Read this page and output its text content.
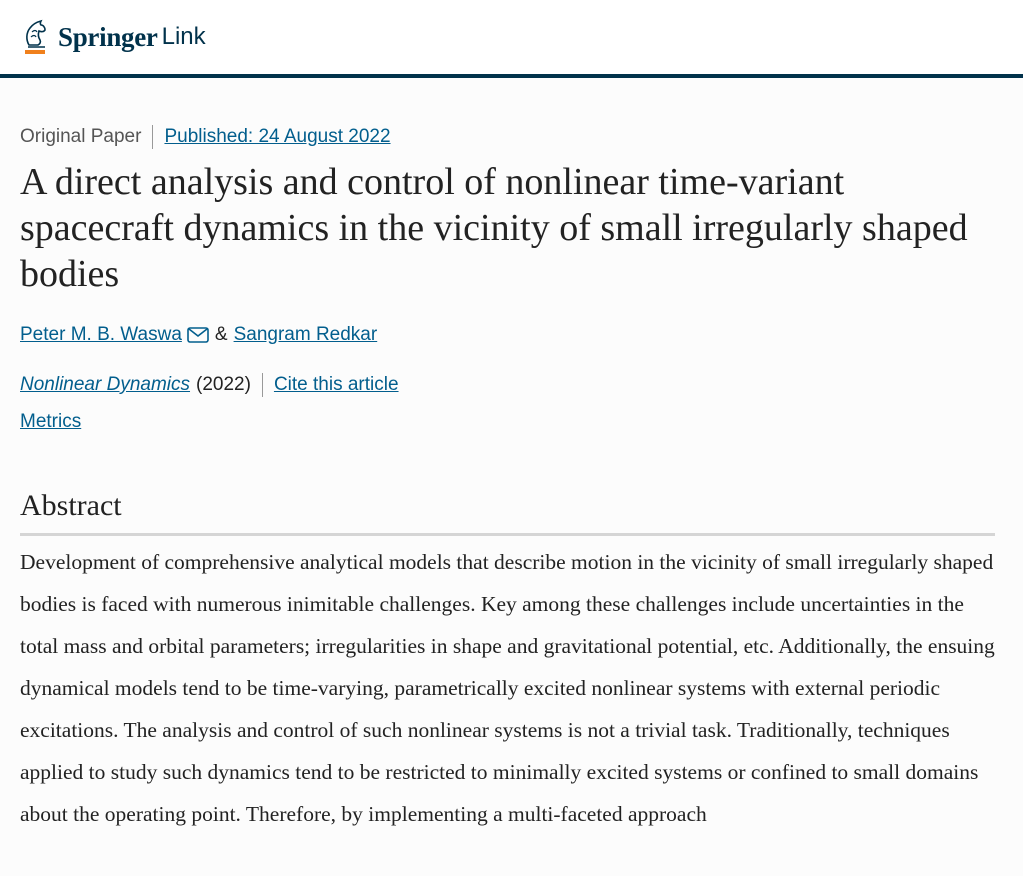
Springer Link
Original Paper Published: 24 August 2022
A direct analysis and control of nonlinear time-variant spacecraft dynamics in the vicinity of small irregularly shaped bodies
Peter M. B. Waswa & Sangram Redkar
Nonlinear Dynamics (2022) Cite this article
Metrics
Abstract

Development of comprehensive analytical models that describe motion in the vicinity of small irregularly shaped bodies is faced with numerous inimitable challenges. Key among these challenges include uncertainties in the total mass and orbital parameters; irregularities in shape and gravitational potential, etc. Additionally, the ensuing dynamical models tend to be time-varying, parametrically excited nonlinear systems with external periodic excitations. The analysis and control of such nonlinear systems is not a trivial task. Traditionally, techniques applied to study such dynamics tend to be restricted to minimally excited systems or confined to small domains about the operating point. Therefore, by implementing a multi-faceted approach
